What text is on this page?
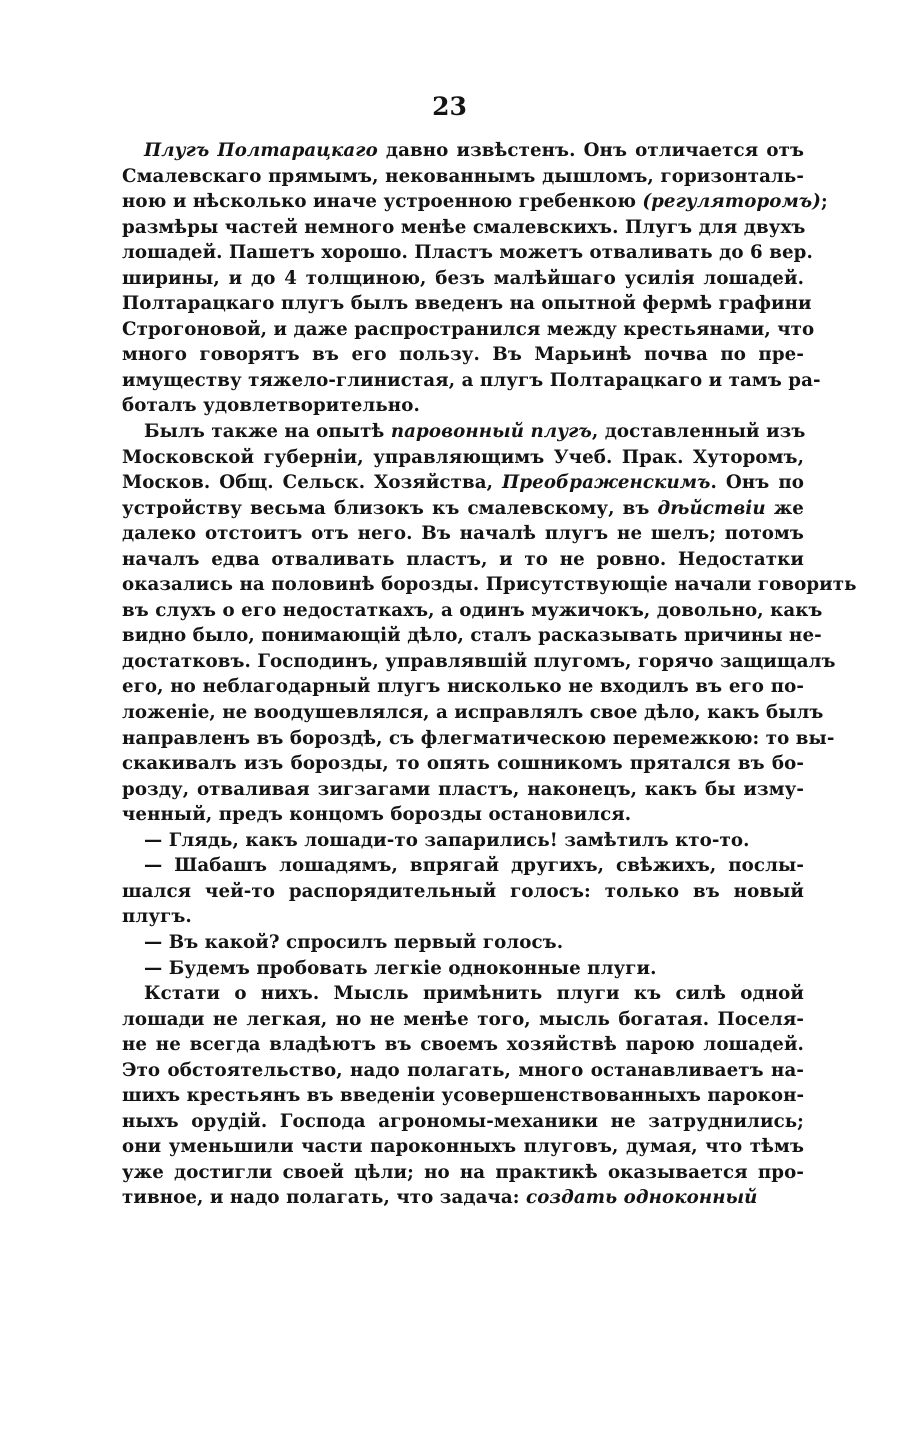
23
Плугъ Полтарацкаго давно извѣстенъ. Онъ отличается отъ
Смалевскаго прямымъ, некованнымъ дышломъ, горизонталь-
ною и нѣсколько иначе устроенною гребенкою (регуляторомъ);
размѣры частей немного менѣе смалевскихъ. Плугъ для двухъ
лошадей. Пашетъ хорошо. Пластъ можетъ отваливать до 6 вер.
ширины, и до 4 толщиною, безъ малѣйшаго усилія лошадей.
Полтарацкаго плугъ былъ введенъ на опытной фермѣ графини
Строгоновой, и даже распространился между крестьянами, что
много говорятъ въ его пользу. Въ Марьинѣ почва по пре-
имуществу тяжело-глинистая, а плугъ Полтарацкаго и тамъ ра-
боталъ удовлетворительно.
Былъ также на опытѣ паровонный плугъ, доставленный изъ
Московской губерніи, управляющимъ Учеб. Прак. Хуторомъ,
Москов. Общ. Сельск. Хозяйства, Преображенскимъ. Онъ по
устройству весьма близокъ къ смалевскому, въ дѣйствіи же
далеко отстоитъ отъ него. Въ началѣ плугъ не шелъ; потомъ
началъ едва отваливать пластъ, и то не ровно. Недостатки
оказались на половинѣ борозды. Присутствующіе начали говорить
въ слухъ о его недостаткахъ, а одинъ мужичокъ, довольно, какъ
видно было, понимающій дѣло, сталъ расказывать причины не-
достатковъ. Господинъ, управлявшій плугомъ, горячо защищалъ
его, но неблагодарный плугъ нисколько не входилъ въ его по-
ложеніе, не воодушевлялся, а исправлялъ свое дѣло, какъ былъ
направленъ въ бороздѣ, съ флегматическою перемежкою: то вы-
скакивалъ изъ борозды, то опять сошникомъ прятался въ бо-
розду, отваливая зигзагами пластъ, наконецъ, какъ бы изму-
ченный, предъ концомъ борозды остановился.
— Глядь, какъ лошади-то запарились! замѣтилъ кто-то.
— Шабашъ лошадямъ, впрягай другихъ, свѣжихъ, послы-
шался чей-то распорядительный голосъ: только въ новый
плугъ.
— Въ какой? спросилъ первый голосъ.
— Будемъ пробовать легкіе одноконные плуги.
Кстати о нихъ. Мысль примѣнить плуги къ силѣ одной
лошади не легкая, но не менѣе того, мысль богатая. Поселя-
не не всегда владѣютъ въ своемъ хозяйствѣ парою лошадей.
Это обстоятельство, надо полагать, много останавливаетъ на-
шихъ крестьянъ въ введеніи усовершенствованныхъ парокон-
ныхъ орудій. Господа агрономы-механики не затруднились;
они уменьшили части пароконныхъ плуговъ, думая, что тѣмъ
уже достигли своей цѣли; но на практикѣ оказывается про-
тивное, и надо полагать, что задача: создать одноконный
